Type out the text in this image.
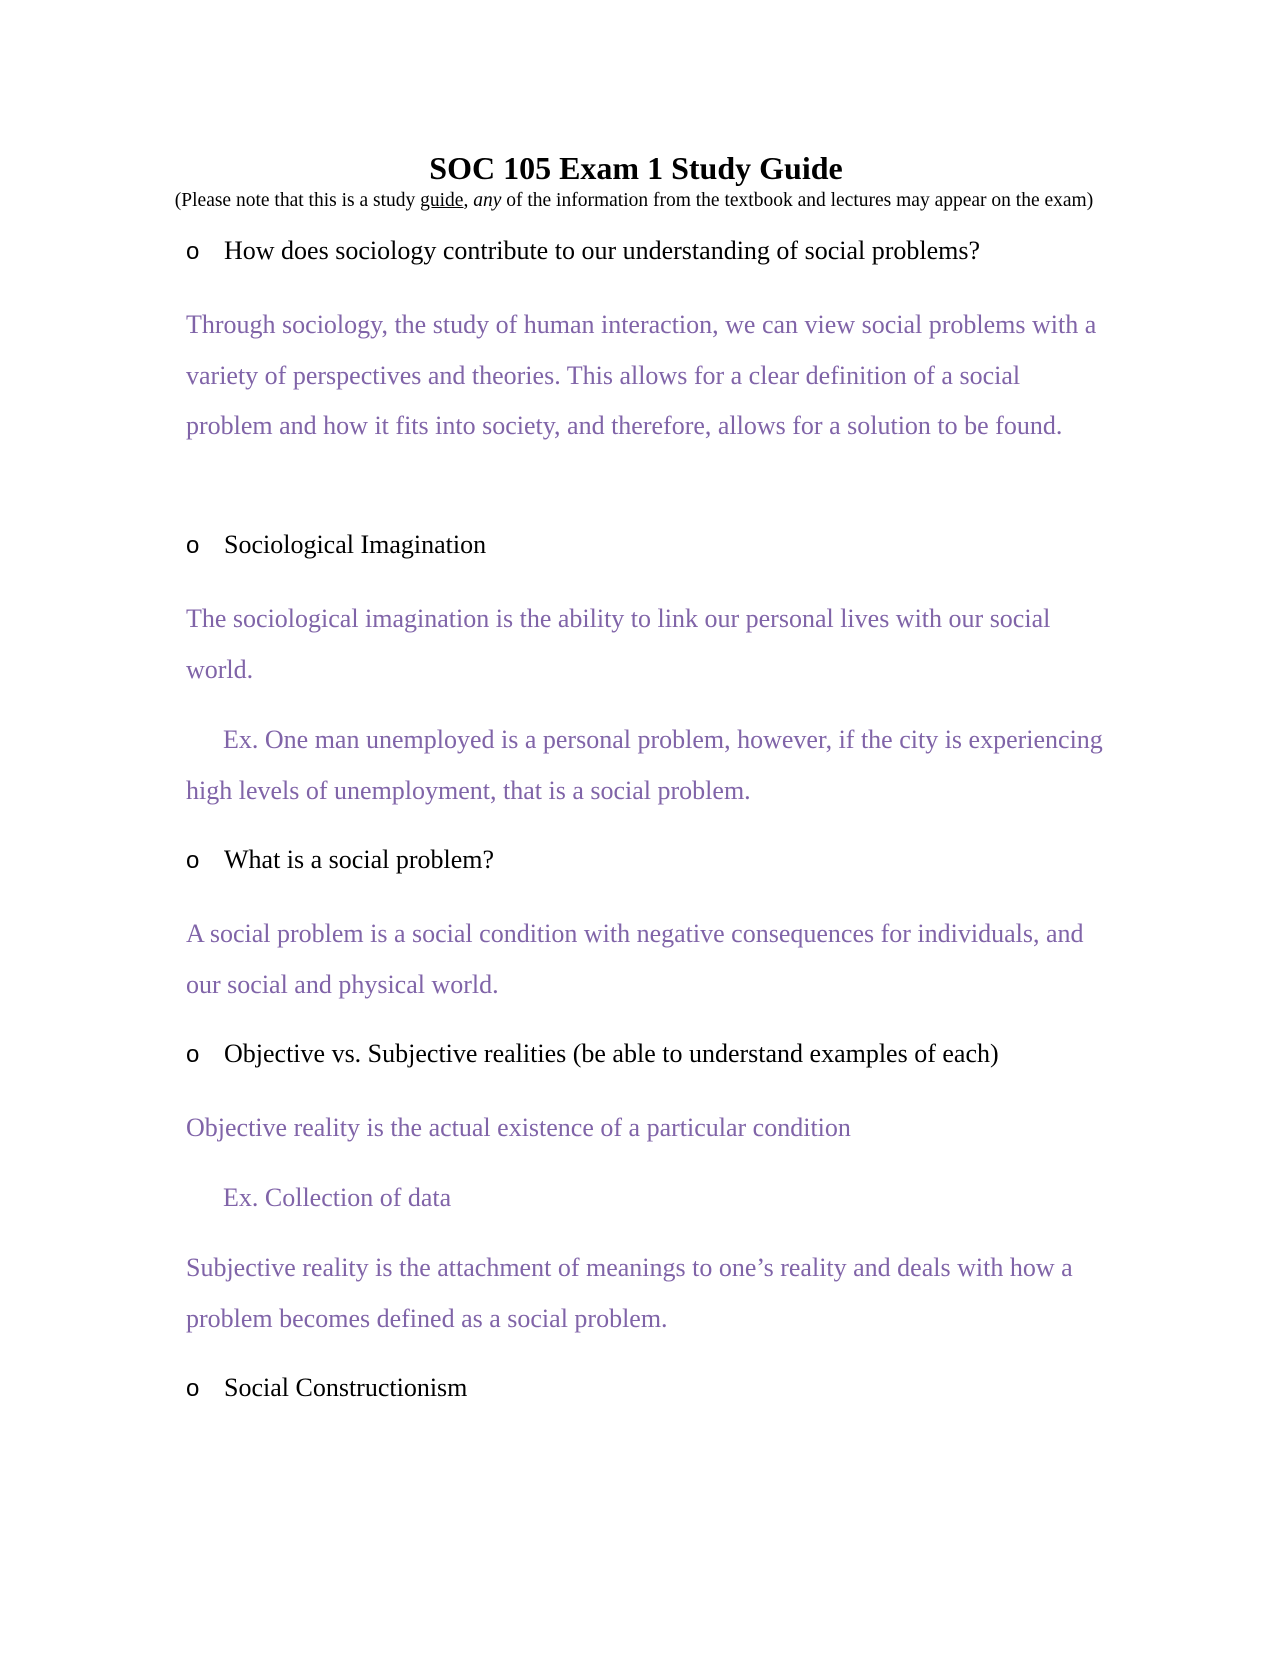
SOC 105 Exam 1 Study Guide
(Please note that this is a study guide, any of the information from the textbook and lectures may appear on the exam)
o How does sociology contribute to our understanding of social problems?
Through sociology, the study of human interaction, we can view social problems with a variety of perspectives and theories. This allows for a clear definition of a social problem and how it fits into society, and therefore, allows for a solution to be found.
o Sociological Imagination
The sociological imagination is the ability to link our personal lives with our social world.
Ex. One man unemployed is a personal problem, however, if the city is experiencing high levels of unemployment, that is a social problem.
o What is a social problem?
A social problem is a social condition with negative consequences for individuals, and our social and physical world.
o Objective vs. Subjective realities (be able to understand examples of each)
Objective reality is the actual existence of a particular condition
Ex. Collection of data
Subjective reality is the attachment of meanings to one’s reality and deals with how a problem becomes defined as a social problem.
o Social Constructionism
